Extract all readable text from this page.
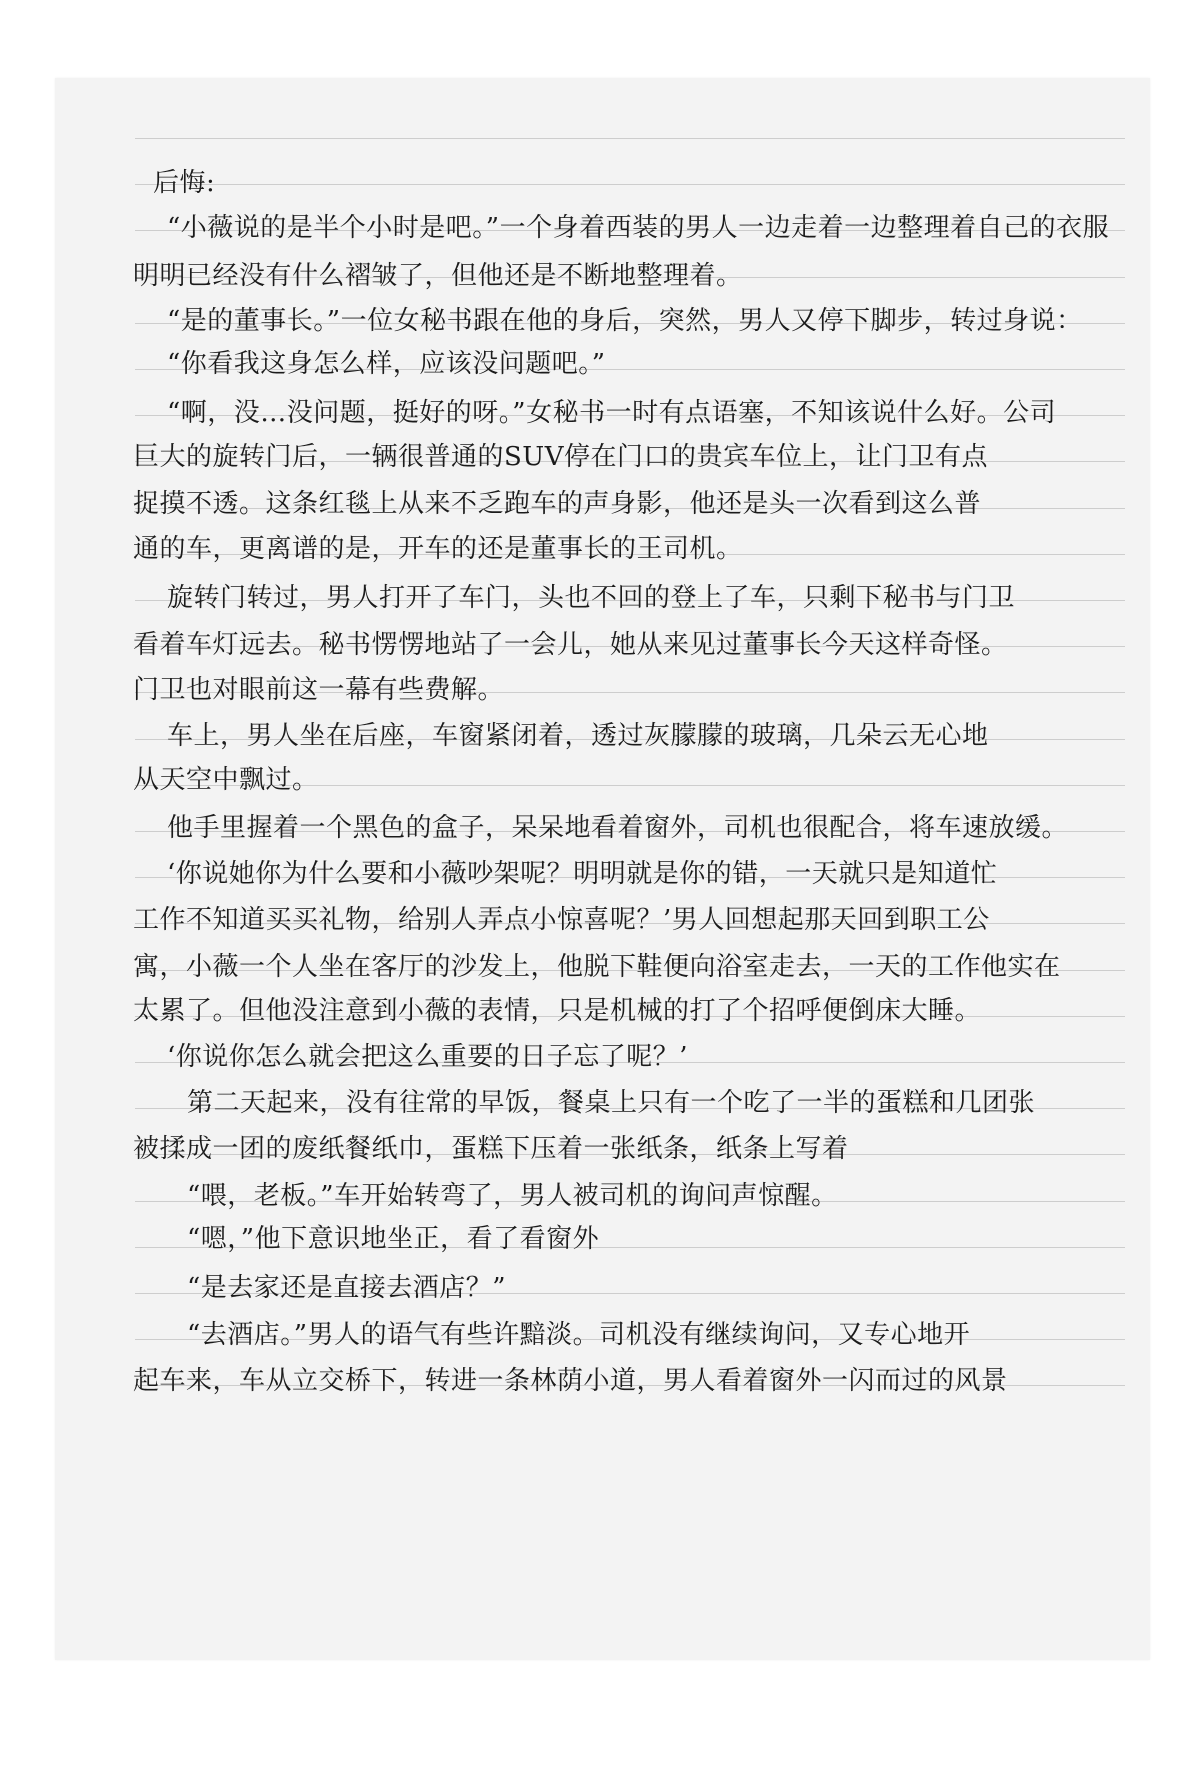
后悔:
“小薇说的是半个小时是吧。”一个身着西装的男人一边走着一边整理着自己的衣服
明明已经没有什么褶皱了，但他还是不断地整理着。
“是的董事长。”一位女秘书跟在他的身后，突然，男人又停下脚步，转过身说：
“你看我这身怎么样，应该没问题吧。”
“啊，没…没问题，挺好的呀。”女秘书一时有点语塞，不知该说什么好。公司
巨大的旋转门后，一辆很普通的SUV停在门口的贵宾车位上，让门卫有点
捉摸不透。这条红毯上从来不乏跑车的声身影，他还是头一次看到这么普
通的车，更离谱的是，开车的还是董事长的王司机。
旋转门转过，男人打开了车门，头也不回的登上了车，只剩下秘书与门卫
看着车灯远去。秘书愣愣地站了一会儿，她从来见过董事长今天这样奇怪。
门卫也对眼前这一幕有些费解。
车上，男人坐在后座，车窗紧闭着，透过灰朦朦的玻璃，几朵云无心地
从天空中飘过。
他手里握着一个黑色的盒子，呆呆地看着窗外，司机也很配合，将车速放缓。
‘你说她你为什么要和小薇吵架呢？明明就是你的错，一天就只是知道忙
工作不知道买买礼物，给别人弄点小惊喜呢？’男人回想起那天回到职工公
寓，小薇一个人坐在客厅的沙发上，他脱下鞋便向浴室走去，一天的工作他实在
太累了。但他没注意到小薇的表情，只是机械的打了个招呼便倒床大睡。
‘你说你怎么就会把这么重要的日子忘了呢？’
第二天起来，没有往常的早饭，餐桌上只有一个吃了一半的蛋糕和几团张
被揉成一团的废纸餐纸巾，蛋糕下压着一张纸条，纸条上写着
“喂，老板。”车开始转弯了，男人被司机的询问声惊醒。
“嗯，”他下意识地坐正，看了看窗外
“是去家还是直接去酒店？”
“去酒店。”男人的语气有些许黯淡。司机没有继续询问，又专心地开
起车来，车从立交桥下，转进一条林荫小道，男人看着窗外一闪而过的风景
